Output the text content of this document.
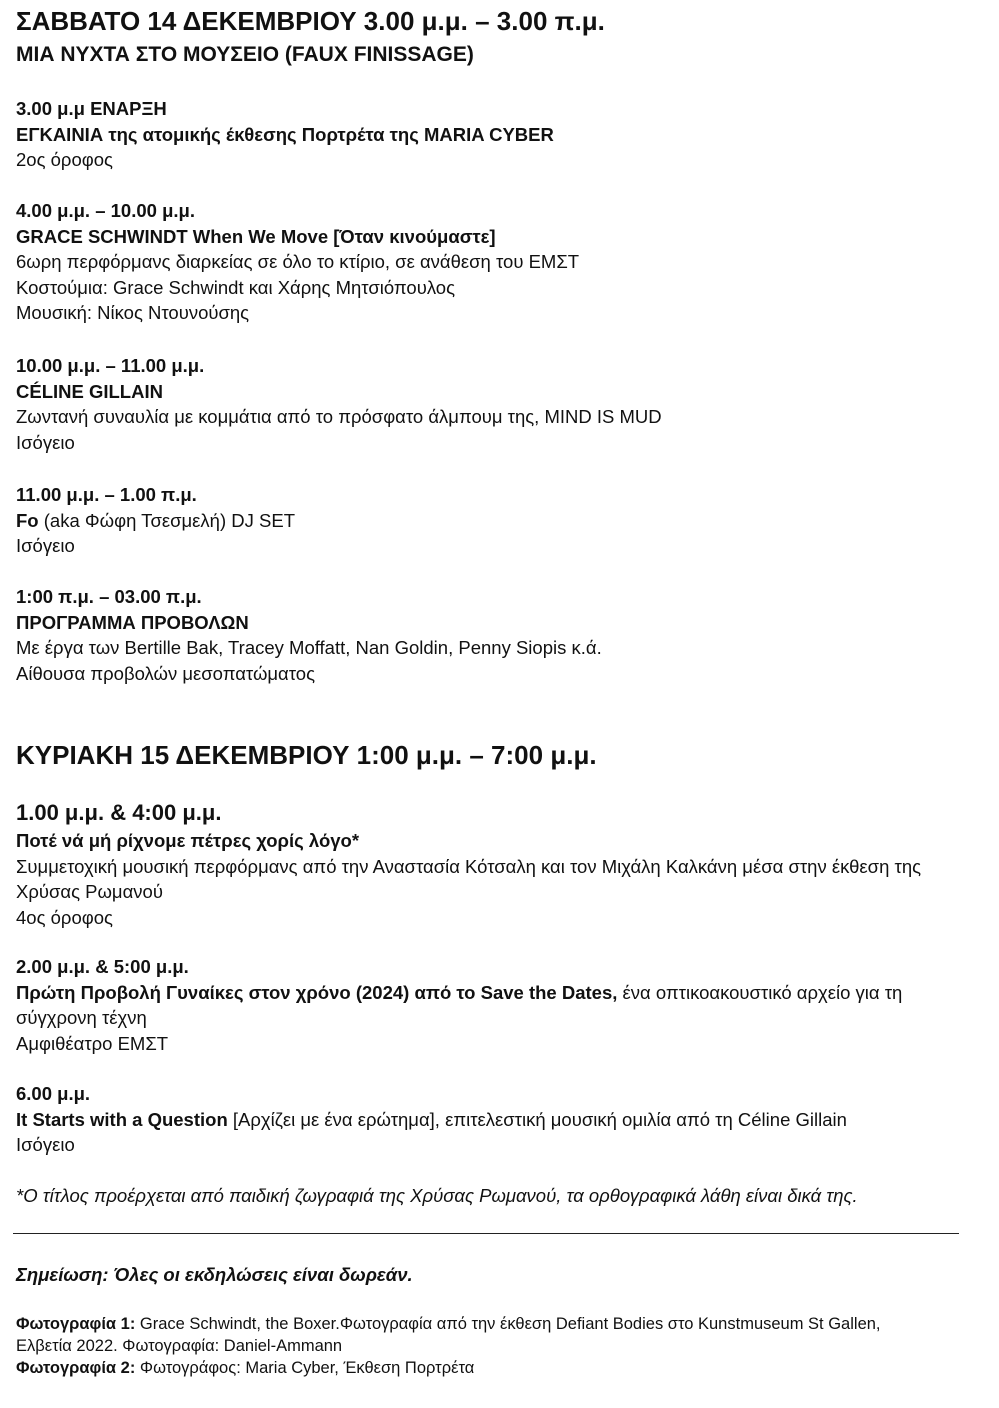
ΣΑΒΒΑΤΟ 14 ΔΕΚΕΜΒΡΙΟΥ 3.00 μ.μ. – 3.00 π.μ.
ΜΙΑ ΝΥΧΤΑ ΣΤΟ ΜΟΥΣΕΙΟ (FAUX FINISSAGE)
3.00 μ.μ ΕΝΑΡΞΗ
ΕΓΚΑΙΝΙΑ της ατομικής έκθεσης Πορτρέτα της MARIA CYBER
2ος όροφος
4.00 μ.μ. – 10.00 μ.μ.
GRACE SCHWINDT When We Move [Όταν κινούμαστε]
6ωρη περφόρμανς διαρκείας σε όλο το κτίριο, σε ανάθεση του ΕΜΣΤ
Κοστούμια: Grace Schwindt και Χάρης Μητσιόπουλος
Μουσική: Νίκος Ντουνούσης
10.00 μ.μ. – 11.00 μ.μ.
CÉLINE GILLAIN
Ζωντανή συναυλία με κομμάτια από το πρόσφατο άλμπουμ της, MIND IS MUD
Ισόγειο
11.00 μ.μ. – 1.00 π.μ.
Fo (aka Φώφη Τσεσμελή) DJ SET
Ισόγειο
1:00 π.μ. – 03.00 π.μ.
ΠΡΟΓΡΑΜΜΑ ΠΡΟΒΟΛΩΝ
Με έργα των Bertille Bak, Tracey Moffatt, Nan Goldin, Penny Siopis κ.ά.
Αίθουσα προβολών μεσοπατώματος
ΚΥΡΙΑΚΗ 15 ΔΕΚΕΜΒΡΙΟΥ 1:00 μ.μ. – 7:00 μ.μ.
1.00 μ.μ. & 4:00 μ.μ.
Ποτέ νά μή ρίχνομε πέτρες χορίς λόγο*
Συμμετοχική μουσική περφόρμανς από την Αναστασία Κότσαλη και τον Μιχάλη Καλκάνη μέσα στην έκθεση της Χρύσας Ρωμανού
4ος όροφος
2.00 μ.μ. & 5:00 μ.μ.
Πρώτη Προβολή Γυναίκες στον χρόνο (2024) από το Save the Dates, ένα οπτικοακουστικό αρχείο για τη σύγχρονη τέχνη
Αμφιθέατρο ΕΜΣΤ
6.00 μ.μ.
It Starts with a Question [Αρχίζει με ένα ερώτημα], επιτελεστική μουσική ομιλία από τη Céline Gillain
Ισόγειο
*Ο τίτλος προέρχεται από παιδική ζωγραφιά της Χρύσας Ρωμανού, τα ορθογραφικά λάθη είναι δικά της.
Σημείωση: Όλες οι εκδηλώσεις είναι δωρεάν.
Φωτογραφία 1: Grace Schwindt, the Boxer.Φωτογραφία από την έκθεση Defiant Bodies στο Kunstmuseum St Gallen, Ελβετία 2022. Φωτογραφία: Daniel-Ammann
Φωτογραφία 2: Φωτογράφος: Maria Cyber, Έκθεση Πορτρέτα
